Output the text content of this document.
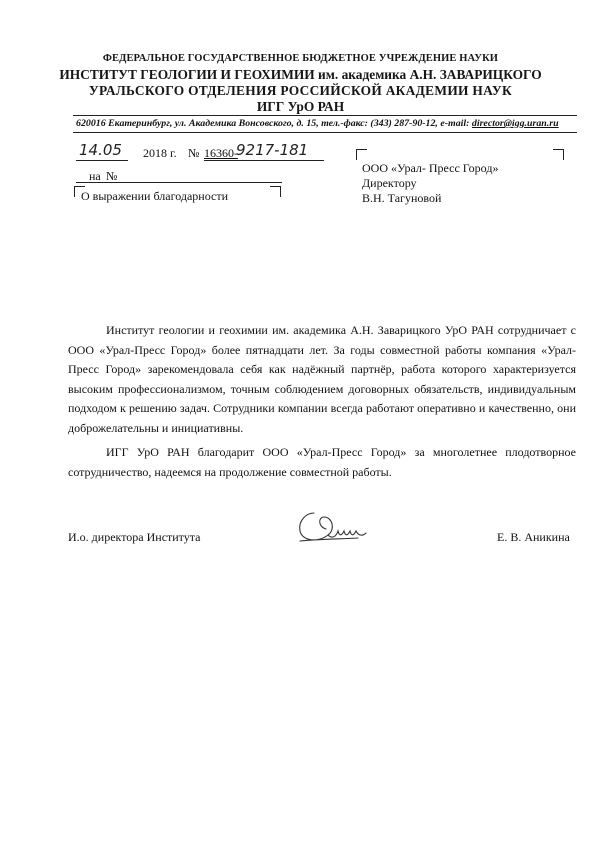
ФЕДЕРАЛЬНОЕ ГОСУДАРСТВЕННОЕ БЮДЖЕТНОЕ УЧРЕЖДЕНИЕ НАУКИ
ИНСТИТУТ ГЕОЛОГИИ И ГЕОХИМИИ им. академика А.Н. ЗАВАРИЦКОГО
УРАЛЬСКОГО ОТДЕЛЕНИЯ РОССИЙСКОЙ АКАДЕМИИ НАУК
ИГГ УрО РАН
620016 Екатеринбург, ул. Академика Вонсовского, д. 15, тел.-факс: (343) 287-90-12, e-mail: director@igg.uran.ru
14.05 2018 г. № 16360-
9217-181
на №
О выражении благодарности
ООО «Урал- Пресс Город»
Директору
В.Н. Тагуновой
Институт геологии и геохимии им. академика А.Н. Заварицкого УрО РАН сотрудничает с ООО «Урал-Пресс Город» более пятнадцати лет. За годы совместной работы компания «Урал-Пресс Город» зарекомендовала себя как надёжный партнёр, работа которого характеризуется высоким профессионализмом, точным соблюдением договорных обязательств, индивидуальным подходом к решению задач. Сотрудники компании всегда работают оперативно и качественно, они доброжелательны и инициативны.
ИГГ УрО РАН благодарит ООО «Урал-Пресс Город» за многолетнее плодотворное сотрудничество, надеемся на продолжение совместной работы.
И.о. директора Института	Е. В. Аникина
